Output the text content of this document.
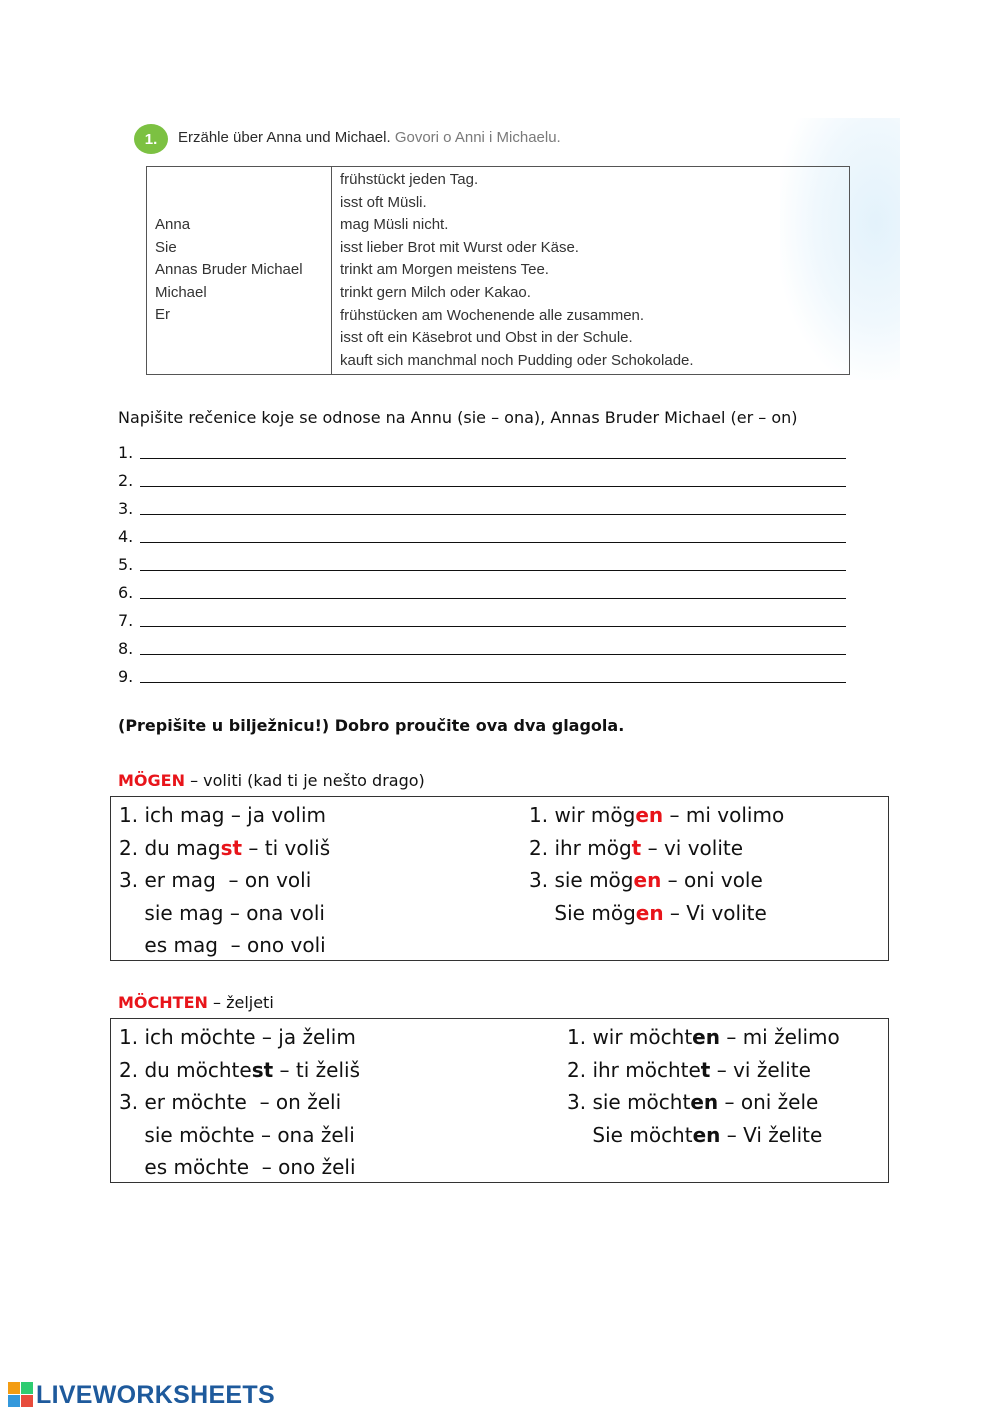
1. Erzähle über Anna und Michael. Govori o Anni i Michaelu.
Anna
Sie
Annas Bruder Michael
Michael
Er
frühstückt jeden Tag.
isst oft Müsli.
mag Müsli nicht.
isst lieber Brot mit Wurst oder Käse.
trinkt am Morgen meistens Tee.
trinkt gern Milch oder Kakao.
frühstücken am Wochenende alle zusammen.
isst oft ein Käsebrot und Obst in der Schule.
kauft sich manchmal noch Pudding oder Schokolade.
Napišite rečenice koje se odnose na Annu (sie – ona), Annas Bruder Michael (er – on)
1.
2.
3.
4.
5.
6.
7.
8.
9.
(Prepišite u bilježnicu!) Dobro proučite ova dva glagola.
MÖGEN – voliti (kad ti je nešto drago)
1. ich mag – ja volim
2. du magst – ti voliš
3. er mag  – on voli
sie mag – ona voli
es mag  – ono voli
1. wir mögen – mi volimo
2. ihr mögt – vi volite
3. sie mögen – oni vole
Sie mögen – Vi volite
MÖCHTEN – željeti
1. ich möchte – ja želim
2. du möchtest – ti želiš
3. er möchte  – on želi
sie möchte – ona želi
es möchte  – ono želi
1. wir möchten – mi želimo
2. ihr möchtet – vi želite
3. sie möchten – oni žele
Sie möchten – Vi želite
LIVEWORKSHEETS
